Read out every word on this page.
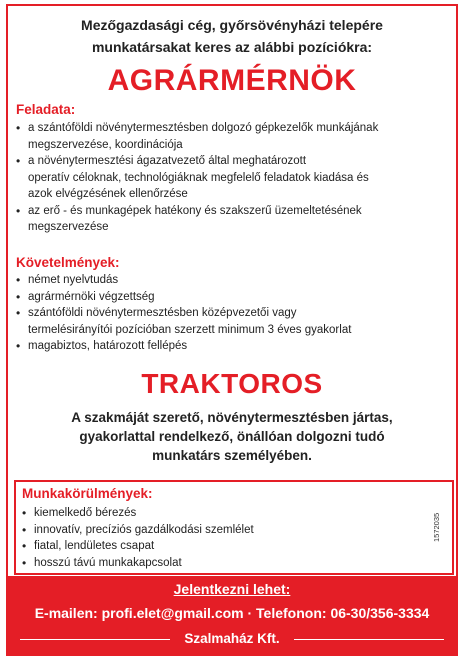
Mezőgazdasági cég, győrsövényházi telepére
munkatársakat keres az alábbi pozíciókra:
AGRÁRMÉRNÖK
Feladata:
• a szántóföldi növénytermesztésben dolgozó gépkezelők munkájának
megszervezése, koordinációja
• a növénytermesztési ágazatvezető által meghatározott
operatív céloknak, technológiáknak megfelelő feladatok kiadása és
azok elvégzésének ellenőrzése
• az erő - és munkagépek hatékony és szakszerű üzemeltetésének
megszervezése
Követelmények:
• német nyelvtudás
• agrármérnöki végzettség
• szántóföldi növénytermesztésben középvezetői vagy
termelésirányítói pozícióban szerzett minimum 3 éves gyakorlat
• magabiztos, határozott fellépés
TRAKTOROS
A szakmáját szerető, növénytermesztésben jártas,
gyakorlattal rendelkező, önállóan dolgozni tudó
munkatárs személyében.
Munkakörülmények:
• kiemelkedő bérezés
• innovatív, precíziós gazdálkodási szemlélet
• fiatal, lendületes csapat
• hosszú távú munkakapcsolat
1572035
Jelentkezni lehet:
E-mailen: profi.elet@gmail.com · Telefonon: 06-30/356-3334
Szalmaház Kft.
